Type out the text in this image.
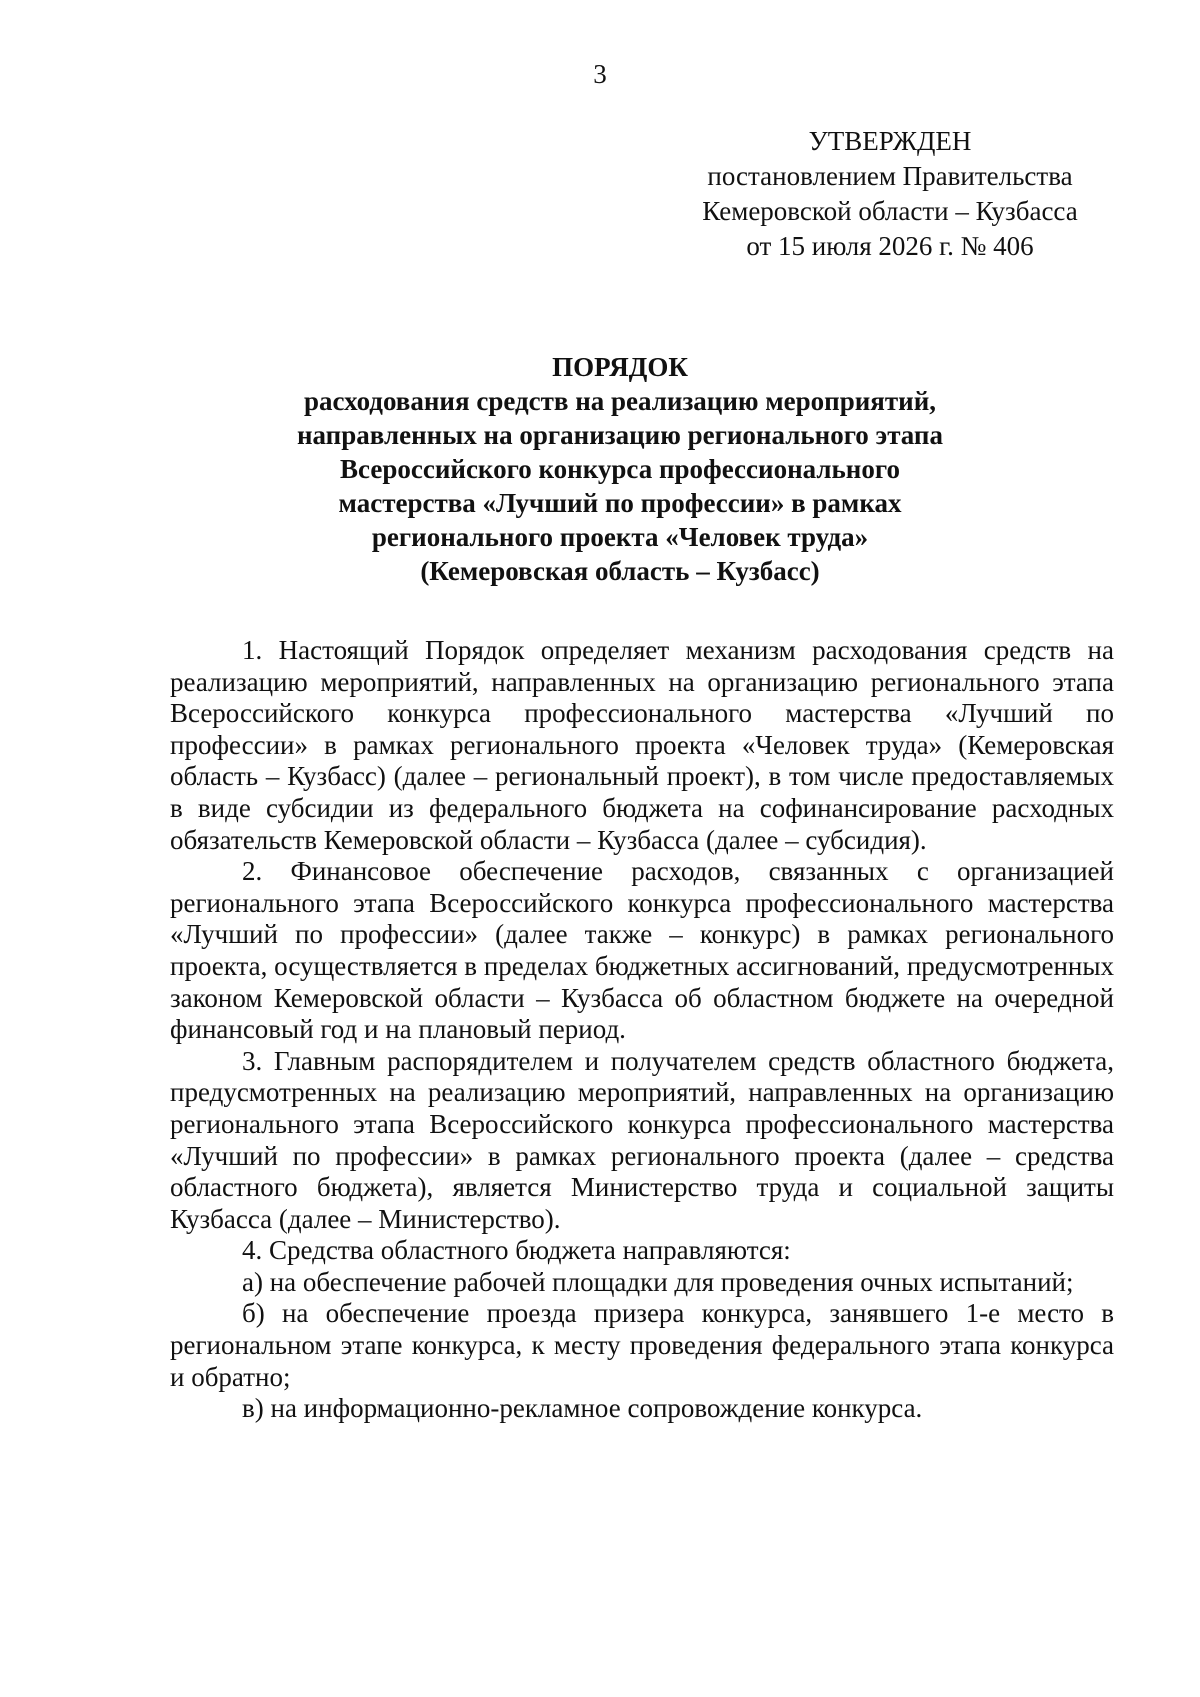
3
УТВЕРЖДЕН
постановлением Правительства
Кемеровской области – Кузбасса
от 15 июля 2026 г. № 406
ПОРЯДОК
расходования средств на реализацию мероприятий,
направленных на организацию регионального этапа
Всероссийского конкурса профессионального
мастерства «Лучший по профессии» в рамках
регионального проекта «Человек труда»
(Кемеровская область – Кузбасс)

1. Настоящий Порядок определяет механизм расходования средств на реализацию мероприятий, направленных на организацию регионального этапа Всероссийского конкурса профессионального мастерства «Лучший по профессии» в рамках регионального проекта «Человек труда» (Кемеровская область – Кузбасс) (далее – региональный проект), в том числе предоставляемых в виде субсидии из федерального бюджета на софинансирование расходных обязательств Кемеровской области – Кузбасса (далее – субсидия).

2. Финансовое обеспечение расходов, связанных с организацией регионального этапа Всероссийского конкурса профессионального мастерства «Лучший по профессии» (далее также – конкурс) в рамках регионального проекта, осуществляется в пределах бюджетных ассигнований, предусмотренных законом Кемеровской области – Кузбасса об областном бюджете на очередной финансовый год и на плановый период.

3. Главным распорядителем и получателем средств областного бюджета, предусмотренных на реализацию мероприятий, направленных на организацию регионального этапа Всероссийского конкурса профессионального мастерства «Лучший по профессии» в рамках регионального проекта (далее – средства областного бюджета), является Министерство труда и социальной защиты Кузбасса (далее – Министерство).

4. Средства областного бюджета направляются:

а) на обеспечение рабочей площадки для проведения очных испытаний;

б) на обеспечение проезда призера конкурса, занявшего 1-е место в региональном этапе конкурса, к месту проведения федерального этапа конкурса и обратно;

в) на информационно-рекламное сопровождение конкурса.
